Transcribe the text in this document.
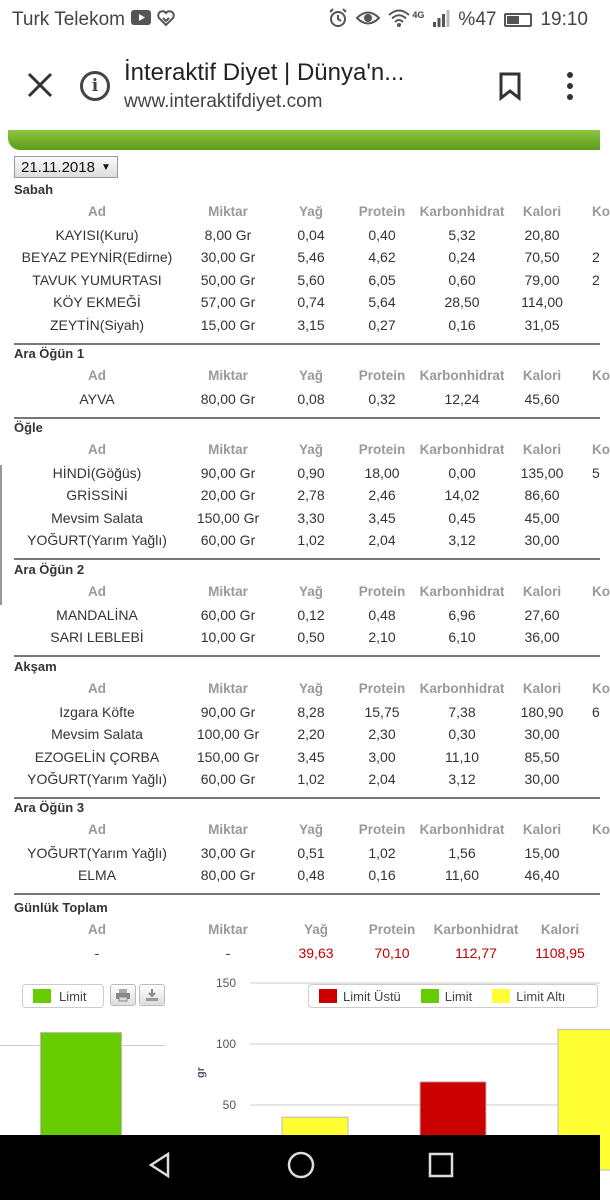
Turk Telekom	4G %47 19:10
i	İnteraktif Diyet | Dünya'n...
www.interaktifdiyet.com
21.11.2018 ▼
Sabah
Ad	Miktar	Yağ	Protein Karbonhidrat Kalori Ko
KAYISI(Kuru)	8,00 Gr	0,04	0,40	5,32	20,80
BEYAZ PEYNİR(Edirne) 30,00 Gr	5,46	4,62	0,24	70,50 2
TAVUK YUMURTASI	50,00 Gr	5,60	6,05	0,60	79,00 2
KÖY EKMEĞİ	57,00 Gr	0,74	5,64	28,50	114,00
ZEYTİN(Siyah)	15,00 Gr	3,15	0,27	0,16	31,05
Ara Öğün 1
Ad	Miktar	Yağ	Protein Karbonhidrat Kalori Ko
AYVA	80,00 Gr	0,08	0,32	12,24	45,60
Öğle
Ad	Miktar	Yağ	Protein Karbonhidrat Kalori Ko
HİNDİ(Göğüs)	90,00 Gr	0,90	18,00	0,00	135,00 5
GRİSSİNİ	20,00 Gr	2,78	2,46	14,02	86,60
Mevsim Salata	150,00 Gr	3,30	3,45	0,45	45,00
YOĞURT(Yarım Yağlı) 60,00 Gr	1,02	2,04	3,12	30,00
Ara Öğün 2
Ad	Miktar	Yağ	Protein Karbonhidrat Kalori Ko
MANDALİNA	60,00 Gr	0,12	0,48	6,96	27,60
SARI LEBLEBİ	10,00 Gr	0,50	2,10	6,10	36,00
Akşam
Ad	Miktar	Yağ	Protein Karbonhidrat Kalori Ko
Izgara Köfte	90,00 Gr	8,28	15,75	7,38	180,90 6
Mevsim Salata	100,00 Gr	2,20	2,30	0,30	30,00
EZOGELİN ÇORBA	150,00 Gr	3,45	3,00	11,10	85,50
YOĞURT(Yarım Yağlı) 60,00 Gr	1,02	2,04	3,12	30,00
Ara Öğün 3
Ad	Miktar	Yağ	Protein Karbonhidrat Kalori Ko
YOĞURT(Yarım Yağlı) 30,00 Gr	0,51	1,02	1,56	15,00
ELMA	80,00 Gr	0,48	0,16	11,60	46,40
Günlük Toplam
Ad	Miktar	Yağ	Protein Karbonhidrat Kalori
-	-	39,63	70,10	112,77	1108,95
Limit
150
100
50
gr
Limit Üstü	Limit	Limit Altı
